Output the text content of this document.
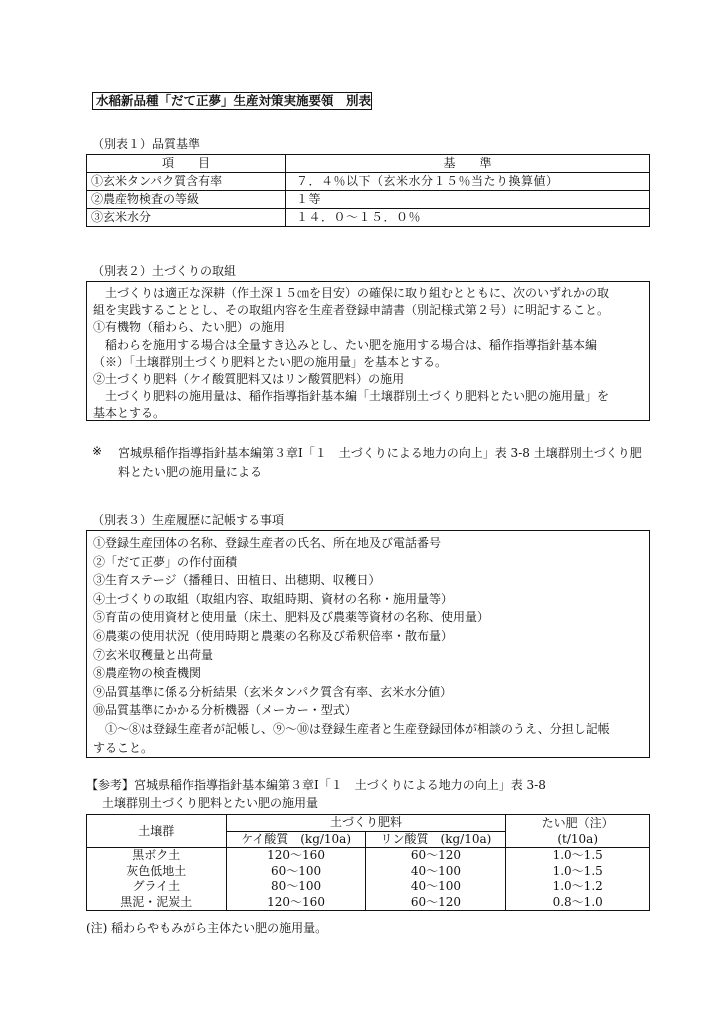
水稲新品種「だて正夢」生産対策実施要領　別表
（別表１）品質基準
項　　目	基　　準
①玄米タンパク質含有率	７．４％以下（玄米水分１５％当たり換算値）
②農産物検査の等級	１等
③玄米水分	１４．０〜１５．０％
（別表２）土づくりの取組

　土づくりは適正な深耕（作土深１５㎝を目安）の確保に取り組むとともに、次のいずれかの取

組を実践することとし、その取組内容を生産者登録申請書（別記様式第２号）に明記すること。

①有機物（稲わら、たい肥）の施用

　稲わらを施用する場合は全量すき込みとし、たい肥を施用する場合は、稲作指導指針基本編

（※）「土壌群別土づくり肥料とたい肥の施用量」を基本とする。

②土づくり肥料（ケイ酸質肥料又はリン酸質肥料）の施用

　土づくり肥料の施用量は、稲作指導指針基本編「土壌群別土づくり肥料とたい肥の施用量」を

基本とする。

※ 宮城県稲作指導指針基本編第３章Ⅰ「１　土づくりによる地力の向上」表 3-8 土壌群別土づくり肥料とたい肥の施用量による
（別表３）生産履歴に記帳する事項

①登録生産団体の名称、登録生産者の氏名、所在地及び電話番号

②「だて正夢」の作付面積

③生育ステージ（播種日、田植日、出穂期、収穫日）

④土づくりの取組（取組内容、取組時期、資材の名称・施用量等）

⑤育苗の使用資材と使用量（床土、肥料及び農薬等資材の名称、使用量）

⑥農薬の使用状況（使用時期と農薬の名称及び希釈倍率・散布量）

⑦玄米収穫量と出荷量

⑧農産物の検査機関

⑨品質基準に係る分析結果（玄米タンパク質含有率、玄米水分値）

⑩品質基準にかかる分析機器（メーカー・型式）

　①〜⑧は登録生産者が記帳し、⑨〜⑩は登録生産者と生産登録団体が相談のうえ、分担し記帳

すること。

【参考】宮城県稲作指導指針基本編第３章Ⅰ「１　土づくりによる地力の向上」表 3-8
土壌群別土づくり肥料とたい肥の施用量
土壌群	土づくり肥料		たい肥（注）
	ケイ酸質　(kg/10a)	リン酸質　(kg/10a)	(t/10a)
黒ボク土	120〜160	60〜120	1.0〜1.5
灰色低地土	60〜100	40〜100	1.0〜1.5
グライ土	80〜100	40〜100	1.0〜1.2
黒泥・泥炭土	120〜160	60〜120	0.8〜1.0
(注) 稲わらやもみがら主体たい肥の施用量。
